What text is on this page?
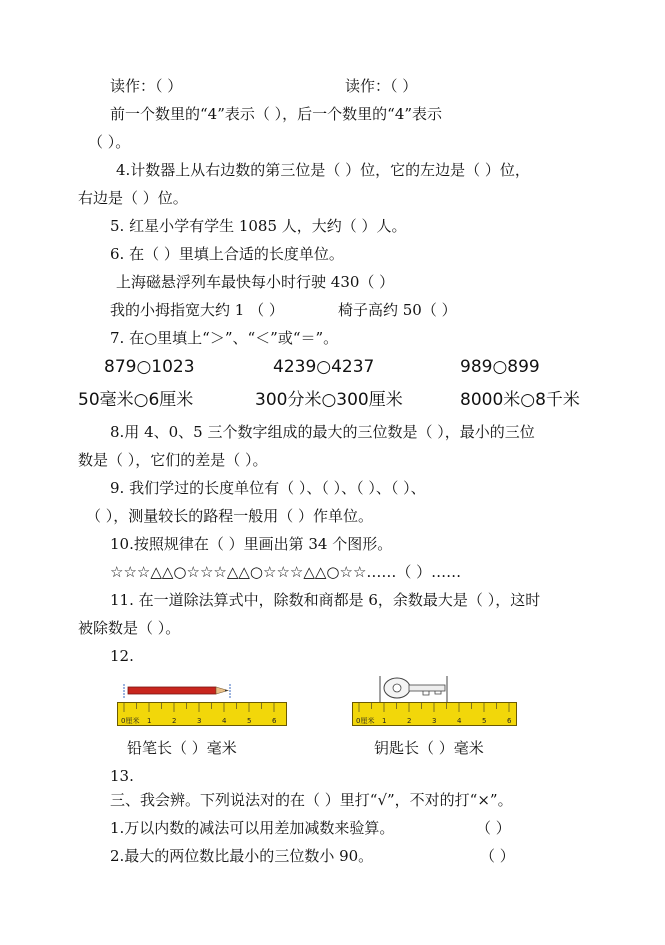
读作：（ ）	读作：（ ）
前一个数里的“4”表示（ ），后一个数里的“4”表示
（ ）。
4.计数器上从右边数的第三位是（ ）位，它的左边是（ ）位，
右边是（ ）位。
5. 红星小学有学生 1085 人，大约（ ）人。
6. 在（ ）里填上合适的长度单位。
上海磁悬浮列车最快每小时行驶 430（ ）
我的小拇指宽大约 1 （ ）	椅子高约 50（ ）
7. 在○里填上“＞”、“＜”或“＝”。
879○1023	4239○4237	989○899
50毫米○6厘米	300分米○300厘米	8000米○8千米
8.用 4、0、5 三个数字组成的最大的三位数是（ ），最小的三位
数是（ ），它们的差是（ ）。
9. 我们学过的长度单位有（ ）、（ ）、（ ）、（ ）、
（ ），测量较长的路程一般用（ ）作单位。
10.按照规律在（ ）里画出第 34 个图形。
☆☆☆△△○☆☆☆△△○☆☆☆△△○☆☆……（ ）……
11. 在一道除法算式中，除数和商都是 6，余数最大是（ ），这时
被除数是（ ）。
12.
0厘米 1	2	3	4	5	6	0厘米 1	2	3	4	5	6
铅笔长（ ）毫米	钥匙长（ ）毫米
13.
三、我会辨。下列说法对的在（ ）里打“√”，不对的打“×”。
1.万以内数的减法可以用差加减数来验算。	（ ）
2.最大的两位数比最小的三位数小 90。	（ ）
